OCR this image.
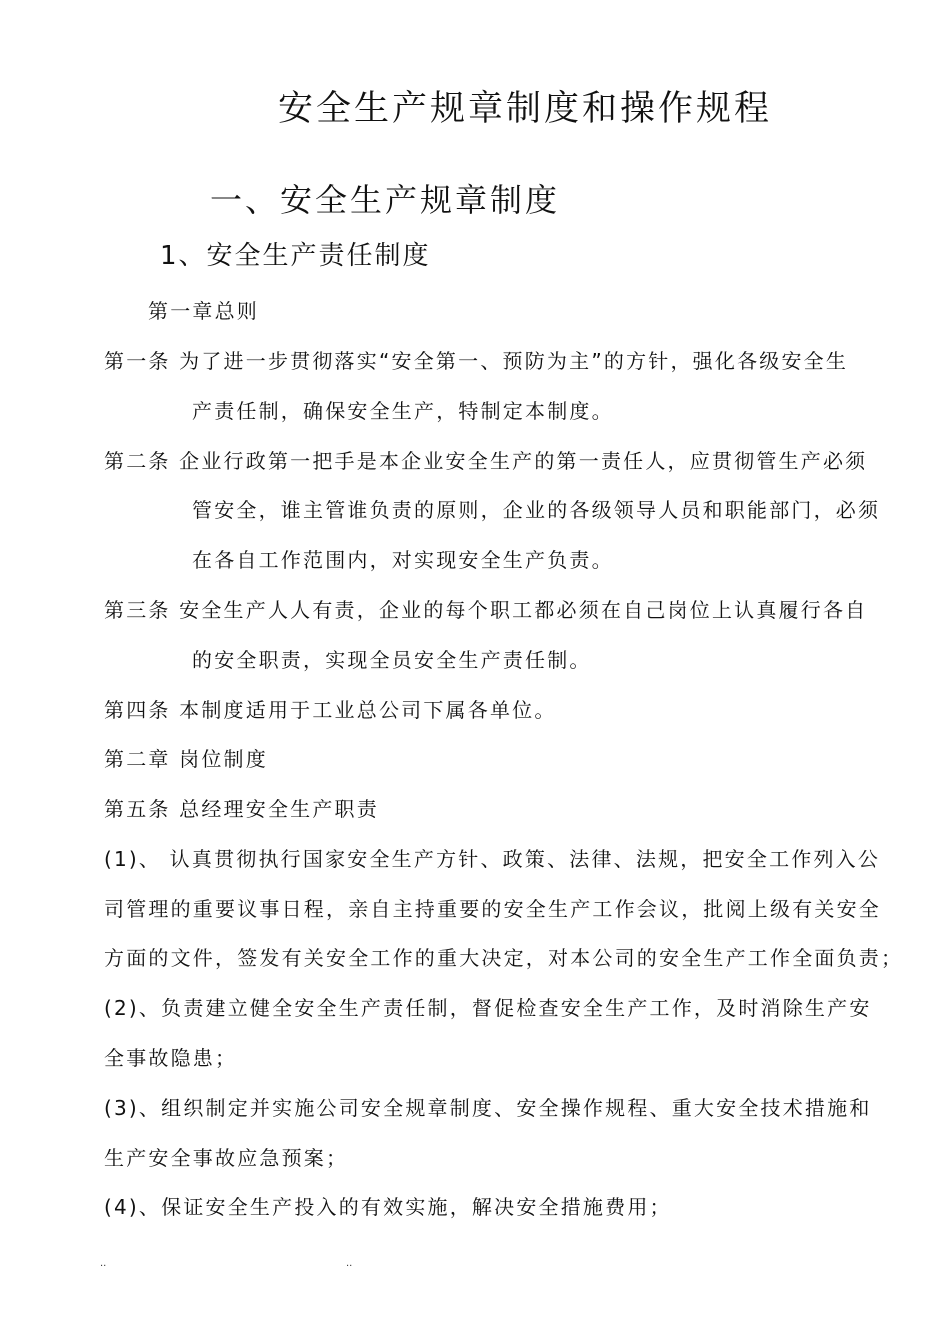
安全生产规章制度和操作规程
一、安全生产规章制度
1、安全生产责任制度
第一章总则
第一条 为了进一步贯彻落实“安全第一、预防为主”的方针，强化各级安全生
产责任制，确保安全生产，特制定本制度。
第二条 企业行政第一把手是本企业安全生产的第一责任人，应贯彻管生产必须
管安全，谁主管谁负责的原则，企业的各级领导人员和职能部门，必须
在各自工作范围内，对实现安全生产负责。
第三条 安全生产人人有责，企业的每个职工都必须在自己岗位上认真履行各自
的安全职责，实现全员安全生产责任制。
第四条 本制度适用于工业总公司下属各单位。
第二章 岗位制度
第五条 总经理安全生产职责
(1)、 认真贯彻执行国家安全生产方针、政策、法律、法规，把安全工作列入公
司管理的重要议事日程，亲自主持重要的安全生产工作会议，批阅上级有关安全
方面的文件，签发有关安全工作的重大决定，对本公司的安全生产工作全面负责；
(2)、负责建立健全安全生产责任制，督促检查安全生产工作，及时消除生产安
全事故隐患；
(3)、组织制定并实施公司安全规章制度、安全操作规程、重大安全技术措施和
生产安全事故应急预案；
(4)、保证安全生产投入的有效实施，解决安全措施费用；
..	..
